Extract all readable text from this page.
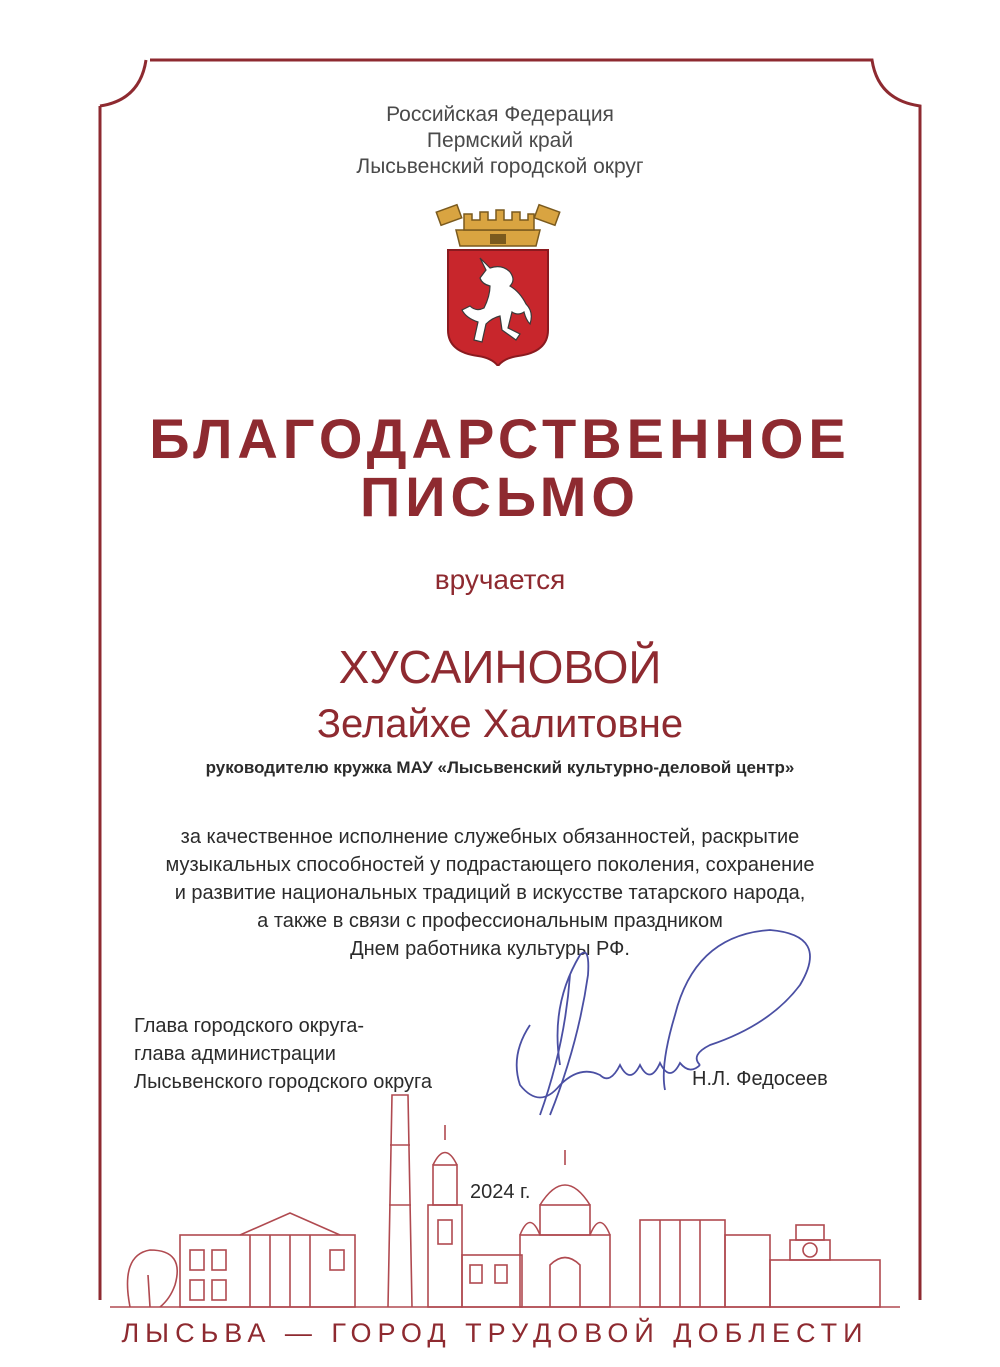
Российская Федерация
Пермский край
Лысьвенский городской округ
БЛАГОДАРСТВЕННОЕ
ПИСЬМО
вручается
ХУСАИНОВОЙ
Зелайхе Халитовне
руководителю кружка МАУ «Лысьвенский культурно-деловой центр»
за качественное исполнение служебных обязанностей, раскрытие
музыкальных способностей у подрастающего поколения, сохранение
и развитие национальных традиций в искусстве татарского народа,
а также в связи с профессиональным праздником
Днем работника культуры РФ.
Глава городского округа-
глава администрации
Лысьвенского городского округа	Н.Л. Федосеев
2024 г.
ЛЫСЬВА — ГОРОД ТРУДОВОЙ ДОБЛЕСТИ
